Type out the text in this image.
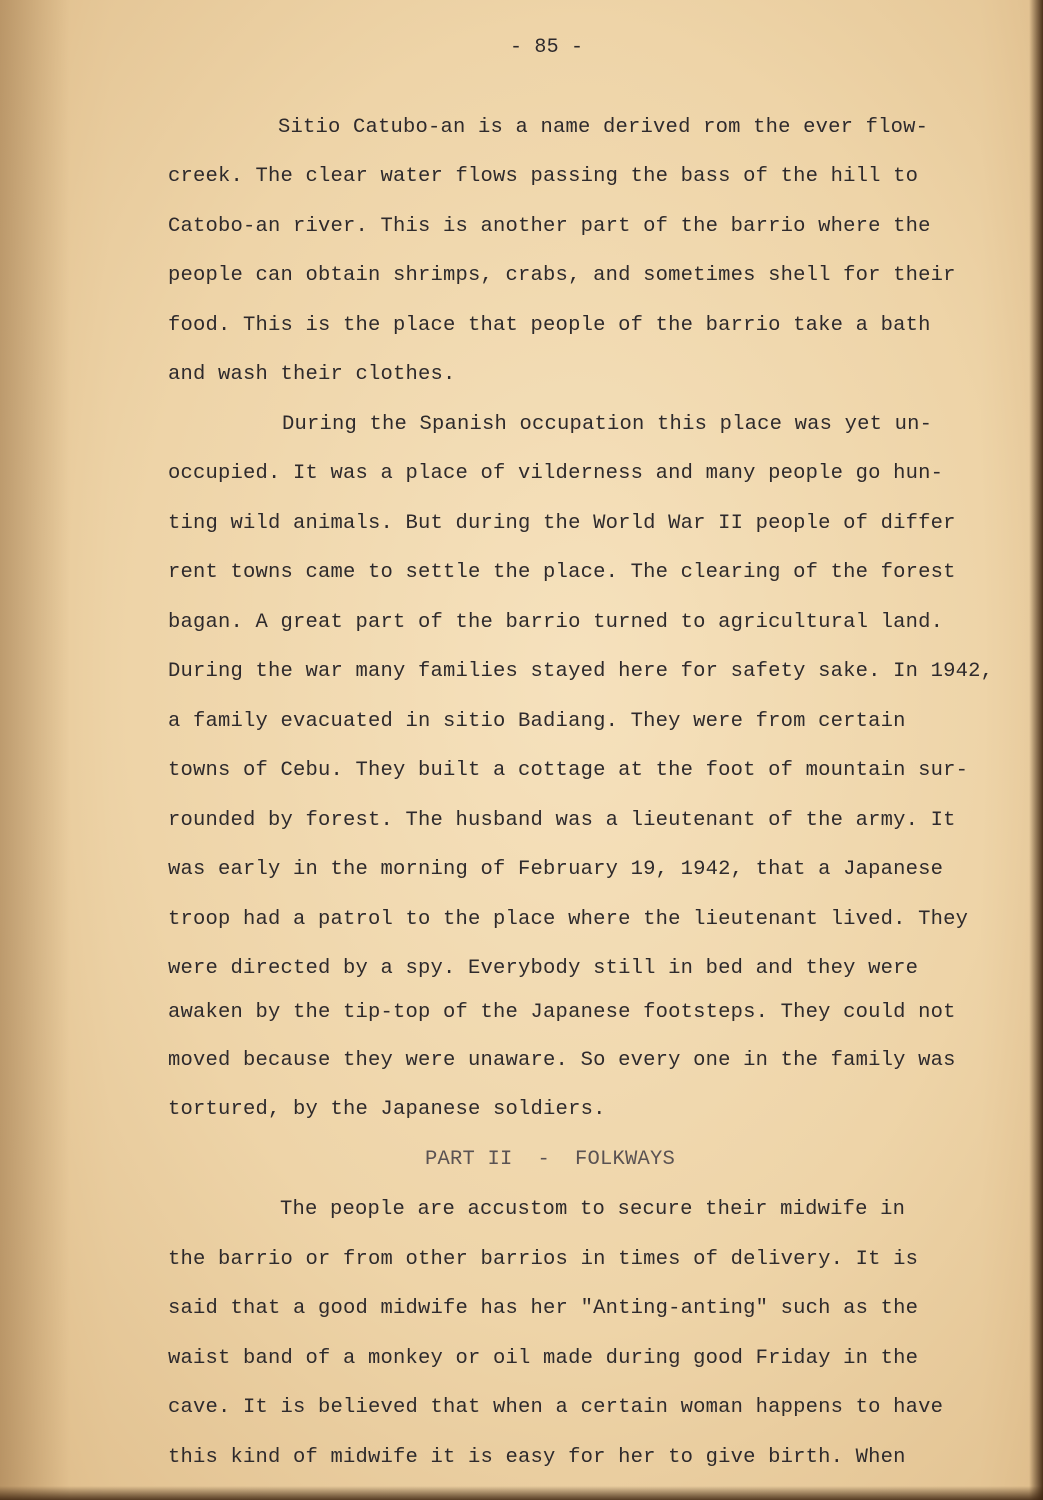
- 85 -
Sitio Catubo-an is a name derived rom the ever flow-
creek. The clear water flows passing the bass of the hill to
Catobo-an river. This is another part of the barrio where the
people can obtain shrimps, crabs, and sometimes shell for their
food. This is the place that people of the barrio take a bath
and wash their clothes.
During the Spanish occupation this place was yet un-
occupied. It was a place of vilderness and many people go hun-
ting wild animals. But during the World War II people of differ
rent towns came to settle the place. The clearing of the forest
bagan. A great part of the barrio turned to agricultural land.
During the war many families stayed here for safety sake. In 1942,
a family evacuated in sitio Badiang. They were from certain
towns of Cebu. They built a cottage at the foot of mountain sur-
rounded by forest. The husband was a lieutenant of the army. It
was early in the morning of February 19, 1942, that a Japanese
troop had a patrol to the place where the lieutenant lived. They
were directed by a spy. Everybody still in bed and they were
awaken by the tip-top of the Japanese footsteps. They could not
moved because they were unaware. So every one in the family was
tortured, by the Japanese soldiers.
PART II  -  FOLKWAYS
The people are accustom to secure their midwife in
the barrio or from other barrios in times of delivery. It is
said that a good midwife has her "Anting-anting" such as the
waist band of a monkey or oil made during good Friday in the
cave. It is believed that when a certain woman happens to have
this kind of midwife it is easy for her to give birth. When
